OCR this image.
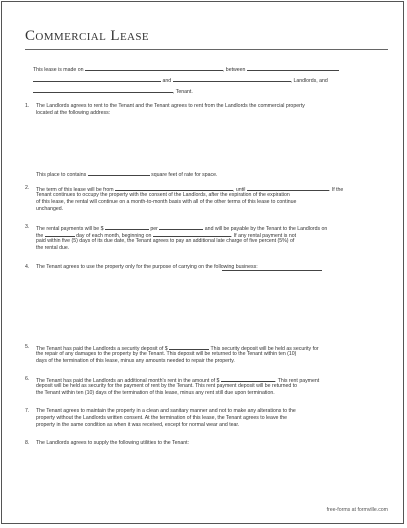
Commercial Lease
This lease is made on	, between
and	, Landlords, and
, Tenant.
1. The Landlords agrees to rent to the Tenant and the Tenant agrees to rent from the Landlords the commercial property
located at the following address:
This place to contains	square feet of rate for space.
2. The term of this lease will be from	, until	. If the
Tenant continues to occupy the property with the consent of the Landlords, after the expiration of the expiration
of this lease, the rental will continue on a month-to-month basis with all of the other terms of this lease to continue
unchanged.
3. The rental payments will be $	per	and will be payable by the Tenant to the Landlords on
the	day of each month, beginning on	. If any rental payment is not
paid within five (5) days of its due date, the Tenant agrees to pay an additional late charge of five percent (5%) of
the rental due.
4. The Tenant agrees to use the property only for the purpose of carrying on the following business:
5. The Tenant has paid the Landlords a security deposit of $	This security deposit will be held as security for
the repair of any damages to the property by the Tenant. This deposit will be returned to the Tenant within ten (10)
days of the termination of this lease, minus any amounts needed to repair the property.
6. The Tenant has paid the Landlords an additional month's rent in the amount of $	. This rent payment
deposit will be held as security for the payment of rent by the Tenant. This rent payment deposit will be returned to
the Tenant within ten (10) days of the termination of this lease, minus any rent still due upon termination.
7. The Tenant agrees to maintain the property in a clean and sanitary manner and not to make any alterations to the
property without the Landlords written consent. At the termination of this lease, the Tenant agrees to leave the
property in the same condition as when it was received, except for normal wear and tear.
8. The Landlords agrees to supply the following utilities to the Tenant:
free-forms at formville.com
